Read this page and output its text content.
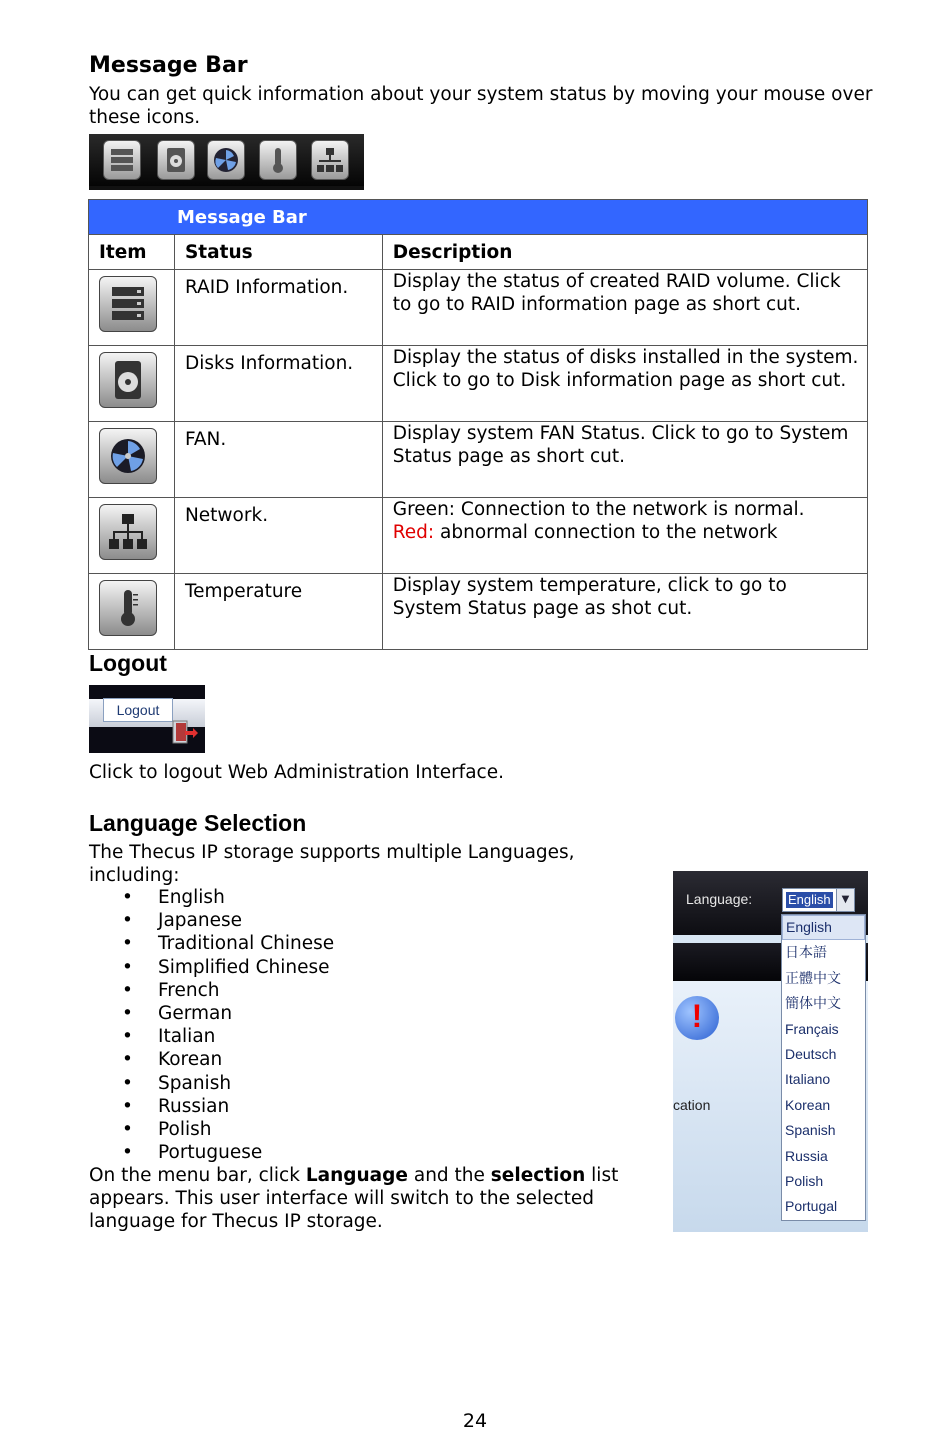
Message Bar
You can get quick information about your system status by moving your mouse over these icons.
Message Bar		
Item	Status	Description

	RAID Information.	Display the status of created RAID volume. Click to go to RAID information page as short cut.

	Disks Information.	Display the status of disks installed in the system. Click to go to Disk information page as short cut.

	FAN.	Display system FAN Status. Click to go to System Status page as short cut.

	Network.	Green: Connection to the network is normal.
Red: abnormal connection to the network

	Temperature	Display system temperature, click to go to System Status page as shot cut.
Logout
Logout
Click to logout Web Administration Interface.
Language Selection
The Thecus IP storage supports multiple Languages, including:
• English
• Japanese
• Traditional Chinese
• Simplified Chinese
• French
• German
• Italian
• Korean
• Spanish
• Russian
• Polish
• Portuguese
On the menu bar, click Language and the selection list appears. This user interface will switch to the selected language for Thecus IP storage.
Language:	English	▼
!
cation
English
日本語
正體中文
簡体中文
Français
Deutsch
Italiano
Korean
Spanish
Russia
Polish
Portugal
24
